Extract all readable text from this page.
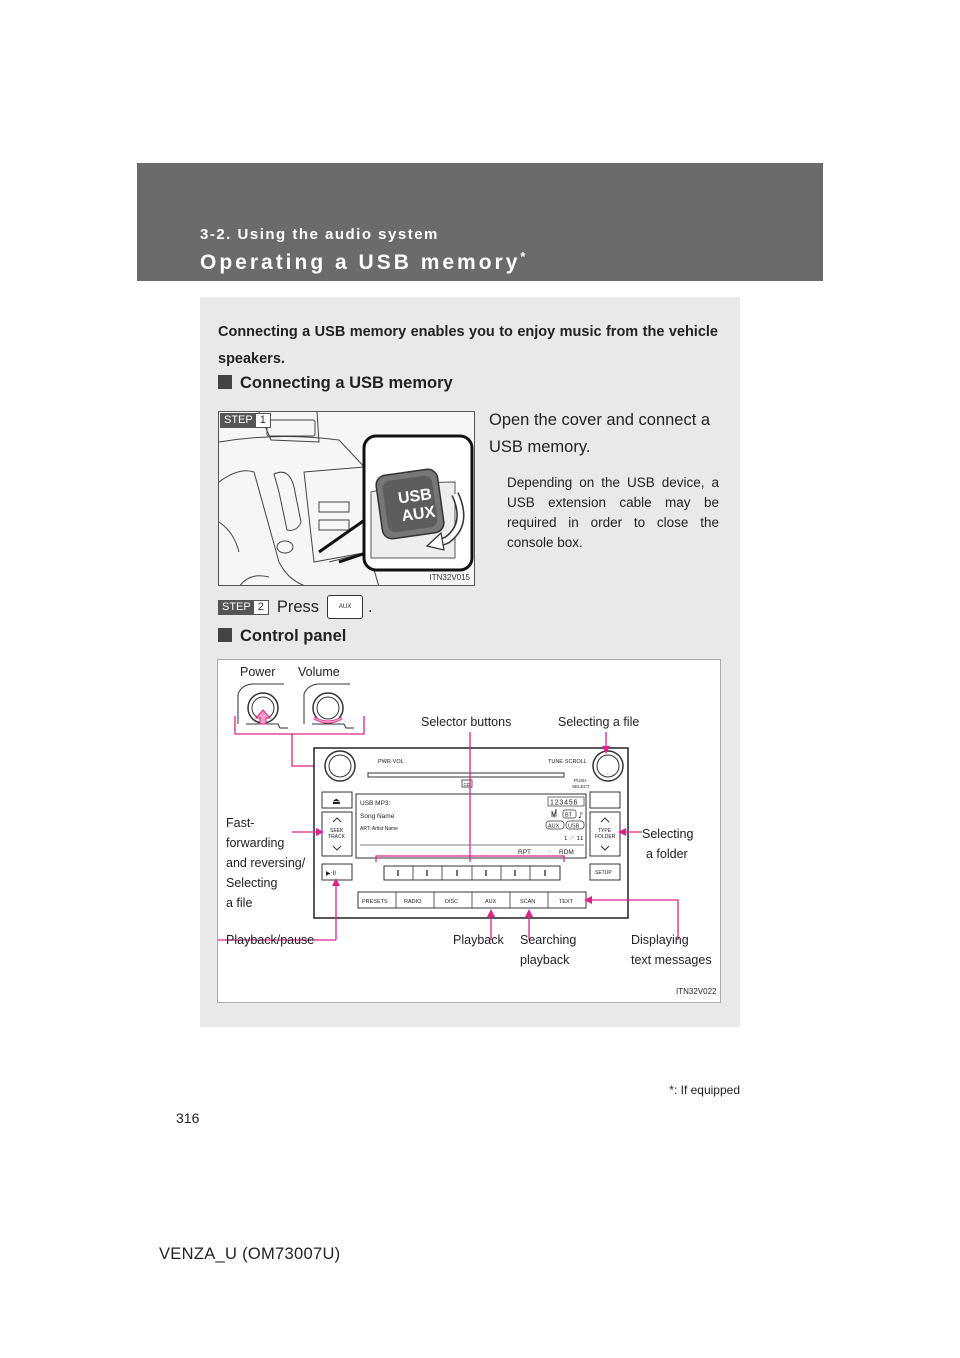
3-2. Using the audio system
Operating a USB memory*
Connecting a USB memory enables you to enjoy music from the vehicle speakers.
Connecting a USB memory
USB
AUX
STEP 1
ITN32V015
Open the cover and connect a USB memory.
Depending on the USB device, a USB extension cable may be required in order to close the console box.
STEP 2 Press	AUX	.
Control panel
PWR·VOL	TUNE·SCROLL
PUSH
SELECT
CD
⏏
SEEK
TRACK
▶·II
TYPE
FOLDER
SETUP
USB MP3:
Song Name
ART: Artist Name
123456
BT ♪
AUX USB
1 ／ 11
RPT · RDM
PRESETS	RADIO	DISC	AUX	SCAN	TEXT
Power Volume
Selector buttons	Selecting a file
Fast-
forwarding
and reversing/
Selecting
a file
Selecting
a folder
Playback/pause	Playback Searching
playback
Displaying
text messages
ITN32V022
*: If equipped
316
VENZA_U (OM73007U)
